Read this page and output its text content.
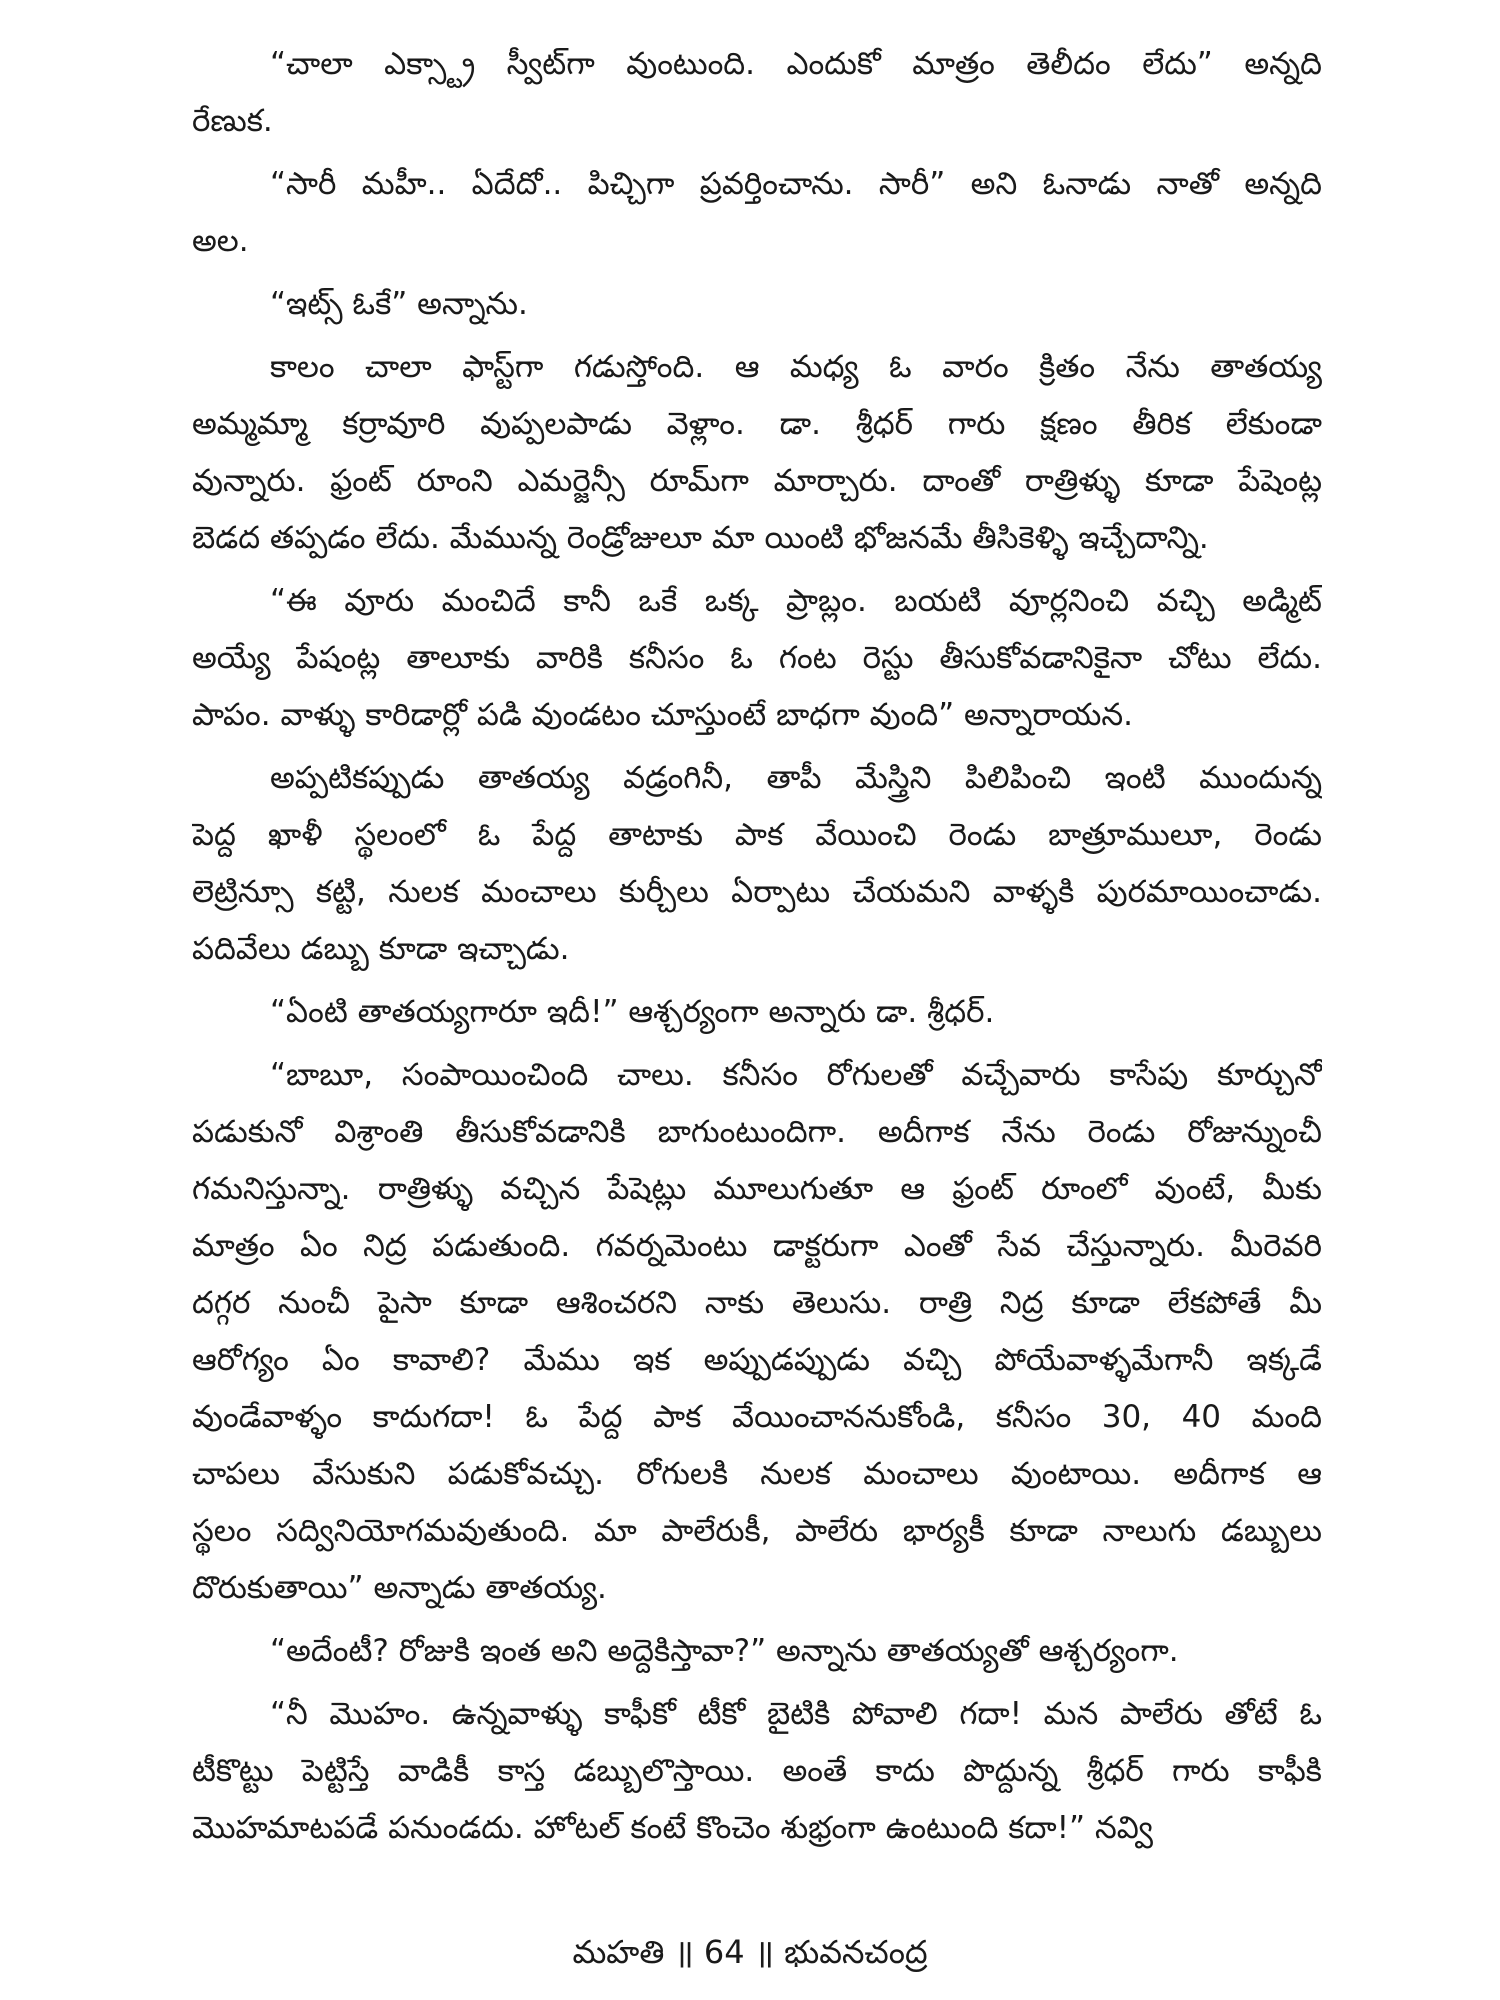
“చాలా ఎక్స్ట్రా స్వీట్‌గా వుంటుంది. ఎందుకో మాత్రం తెలీదం లేదు” అన్నది
రేణుక.
“సారీ మహీ.. ఏదేదో.. పిచ్చిగా ప్రవర్తించాను. సారీ” అని ఓనాడు నాతో అన్నది
అల.
“ఇట్స్ ఓకే” అన్నాను.
కాలం చాలా ఫాస్ట్‌గా గడుస్తోంది. ఆ మధ్య ఓ వారం క్రితం నేను తాతయ్య
అమ్మమ్మా కర్రావూరి వుప్పలపాడు వెళ్లాం. డా. శ్రీధర్ గారు క్షణం తీరిక లేకుండా
వున్నారు. ఫ్రంట్ రూంని ఎమర్జెన్సీ రూమ్‌గా మార్చారు. దాంతో రాత్రిళ్ళు కూడా పేషెంట్ల
బెడద తప్పడం లేదు. మేమున్న రెండ్రోజులూ మా యింటి భోజనమే తీసికెళ్ళి ఇచ్చేదాన్ని.
“ఈ వూరు మంచిదే కానీ ఒకే ఒక్క ప్రాబ్లం. బయటి వూర్లనించి వచ్చి అడ్మిట్
అయ్యే పేషంట్ల తాలూకు వారికి కనీసం ఓ గంట రెస్టు తీసుకోవడానికైనా చోటు లేదు.
పాపం. వాళ్ళు కారిడార్లో పడి వుండటం చూస్తుంటే బాధగా వుంది” అన్నారాయన.
అప్పటికప్పుడు తాతయ్య వడ్రంగినీ, తాపీ మేస్త్రిని పిలిపించి ఇంటి ముందున్న
పెద్ద ఖాళీ స్థలంలో ఓ పేద్ద తాటాకు పాక వేయించి రెండు బాత్రూములూ, రెండు
లెట్రిన్సూ కట్టి, నులక మంచాలు కుర్చీలు ఏర్పాటు చేయమని వాళ్ళకి పురమాయించాడు.
పదివేలు డబ్బు కూడా ఇచ్చాడు.
“ఏంటి తాతయ్యగారూ ఇదీ!” ఆశ్చర్యంగా అన్నారు డా. శ్రీధర్.
“బాబూ, సంపాయించింది చాలు. కనీసం రోగులతో వచ్చేవారు కాసేపు కూర్చునో
పడుకునో విశ్రాంతి తీసుకోవడానికి బాగుంటుందిగా. అదీగాక నేను రెండు రోజున్నుంచీ
గమనిస్తున్నా. రాత్రిళ్ళు వచ్చిన పేషెట్లు మూలుగుతూ ఆ ఫ్రంట్ రూంలో వుంటే, మీకు
మాత్రం ఏం నిద్ర పడుతుంది. గవర్నమెంటు డాక్టరుగా ఎంతో సేవ చేస్తున్నారు. మీరెవరి
దగ్గర నుంచీ పైసా కూడా ఆశించరని నాకు తెలుసు. రాత్రి నిద్ర కూడా లేకపోతే మీ
ఆరోగ్యం ఏం కావాలి? మేము ఇక అప్పుడప్పుడు వచ్చి పోయేవాళ్ళమేగానీ ఇక్కడే
వుండేవాళ్ళం కాదుగదా! ఓ పేద్ద పాక వేయించాననుకోండి, కనీసం 30, 40 మంది
చాపలు వేసుకుని పడుకోవచ్చు. రోగులకి నులక మంచాలు వుంటాయి. అదీగాక ఆ
స్థలం సద్వినియోగమవుతుంది. మా పాలేరుకీ, పాలేరు భార్యకీ కూడా నాలుగు డబ్బులు
దొరుకుతాయి” అన్నాడు తాతయ్య.
“అదేంటీ? రోజుకి ఇంత అని అద్దెకిస్తావా?” అన్నాను తాతయ్యతో ఆశ్చర్యంగా.
“నీ మొహం. ఉన్నవాళ్ళు కాఫీకో టీకో బైటికి పోవాలి గదా! మన పాలేరు తోటే ఓ
టీకొట్టు పెట్టిస్తే వాడికీ కాస్త డబ్బులొస్తాయి. అంతే కాదు పొద్దున్న శ్రీధర్ గారు కాఫీకి
మొహమాటపడే పనుండదు. హోటల్ కంటే కొంచెం శుభ్రంగా ఉంటుంది కదా!” నవ్వి
మహతి ॥ 64 ॥ భువనచంద్ర
